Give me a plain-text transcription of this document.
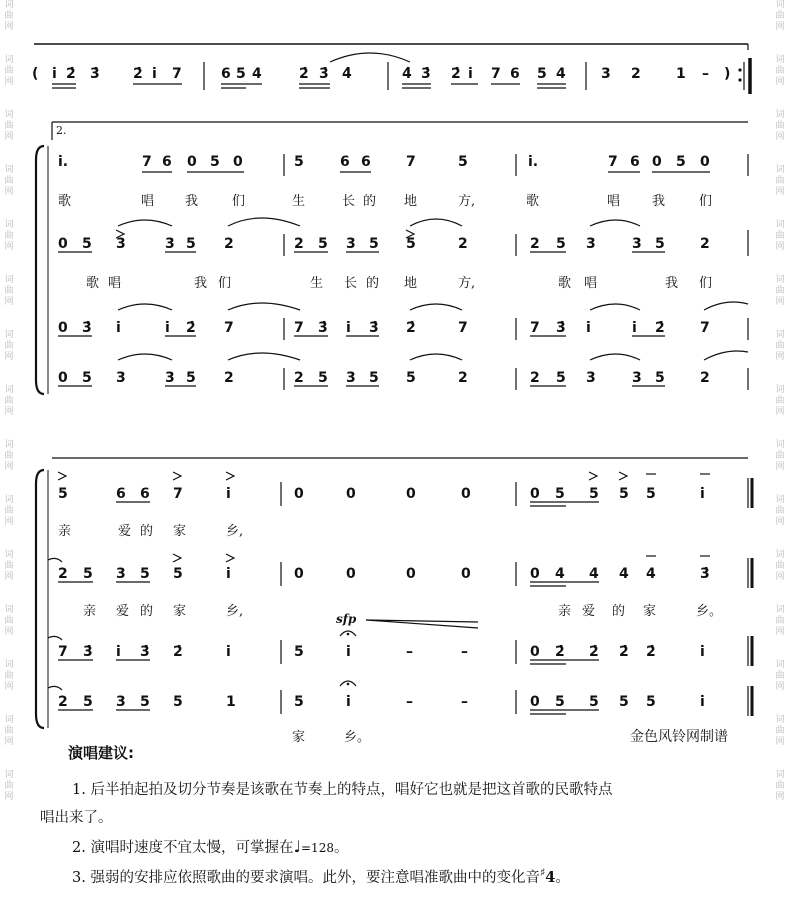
词
曲
网

词
曲
网

词
曲
网

词
曲
网

词
曲
网

词
曲
网

词
曲
网

词
曲
网

词
曲
网

词
曲
网

词
曲
网

词
曲
网

词
曲
网

词
曲
网

词
曲
网
词
曲
网

词
曲
网

词
曲
网

词
曲
网

词
曲
网

词
曲
网

词
曲
网

词
曲
网

词
曲
网

词
曲
网

词
曲
网

词
曲
网

词
曲
网

词
曲
网

词
曲
网
2.
sfp
金色风铃网制谱
演唱建议:
1. 后半拍起拍及切分节奏是该歌在节奏上的特点，唱好它也就是把这首歌的民歌特点
唱出来了。
2. 演唱时速度不宜太慢，可掌握在♩=128。
3. 强弱的安排应依照歌曲的要求演唱。此外，要注意唱准歌曲中的变化音♯4。
( i̇ 2̇ 3̇ 2̇ i̇ 7	6 5 4	2̇ 3̇ 4̇	4̇ 3̇ 2̇ i̇ 7 6 5 4	3 2	1 – )
i̇.	7 6 0 5 0	5	6 6	7	5	i̇.	7 6 0 5 0
0 5 3	3 5 2	2 5 3 5 5	2	2 5 3	3 5	2
0 3̇ i̇	i̇ 2̇ 7	7 3̇ i̇ 3̇ 2̇	7	7 3̇ i̇	i̇ 2̇	7
0 5 3	3 5 2	2 5 3 5 5	2	2 5 3	3 5	2
歌	唱 我	们	生	长 的 地	方,	歌	唱 我	们
歌 唱	我 们	生 长 的 地	方,	歌 唱	我 们
5	6 6 7	i̇	0	0	0	0	0 5 5 5 5	i̇
2 5 3 5 5	i̇	0	0	0	0	0 4 4 4 4	3̇
7 3̇ i̇ 3̇ 2̇	i̇	5	i̇	–	–	0 2̇ 2̇ 2̇ 2̇	i̇
2 5 3 5 5	1	5	i̇	–	–	0 5 5 5 5	i̇
亲	爱 的 家	乡,
亲 爱 的 家	乡,	亲 爱 的 家	乡。
家	乡。
